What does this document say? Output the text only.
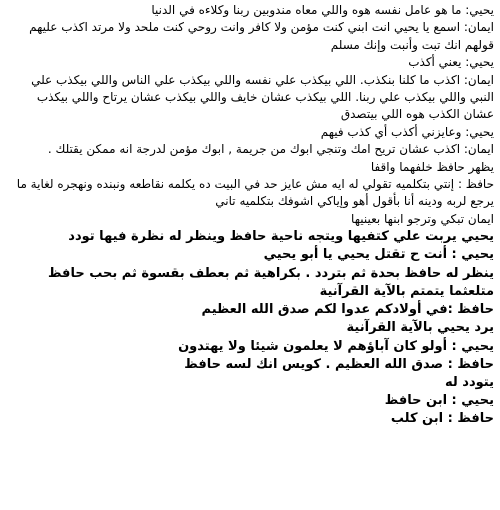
يحيي: ما هو عامل نفسه هوه واللي معاه مندوبين ربنا وكلاءه في الدنيا

ايمان: اسمع يا يحيي انت ابني كنت مؤمن ولا كافر وانت روحي كنت ملحد ولا مرتد اكذب عليهم قولهم انك تبت وأنبت وإنك مسلم

يحيي: يعني أكذب

ايمان: اكذب ما كلنا بنكذب. اللي بيكذب علي نفسه واللي بيكذب علي الناس واللي بيكذب علي النبي واللي بيكذب علي ربنا. اللي بيكذب عشان خايف واللي بيكذب عشان يرتاح واللي بيكذب عشان الكذب هوه اللي بيتصدق

يحيي: وعايزني أكذب أي كذب فيهم

ايمان: اكذب عشان تريح امك وتنجي ابوك من جريمة , ابوك مؤمن لدرجة انه ممكن يقتلك .

يظهر حافظ خلفهما واقفا

حافظ : إنتي بتكلميه تقولي له ايه مش عايز حد في البيت ده يكلمه نقاطعه ونبنده ونهجره لغاية ما يرجع لربه ودينه أنا بأقول أهو وإياكي اشوفك بتكلميه تاني

ايمان تبكي وترجو ابنها بعينيها

يحيي يربت علي كتفيها ويتجه ناحية حافظ وينظر له نظرة فيها تودد

يحيي : أنت ح تقتل يحيي يا أبو يحيي

ينظر له حافظ بحدة ثم بتردد . بكراهية ثم بعطف بقسوة ثم بحب حافظ متلعثما يتمتم بالآية القرآنية

حافظ :في أولادكم عدوا لكم صدق الله العظيم

يرد يحيي بالآية القرآنية

يحيي : أولو كان آباؤهم لا يعلمون شيئا ولا يهتدون

حافظ : صدق الله العظيم . كويس انك لسه حافظ

يتودد له

يحيي : ابن حافظ

حافظ : ابن كلب
